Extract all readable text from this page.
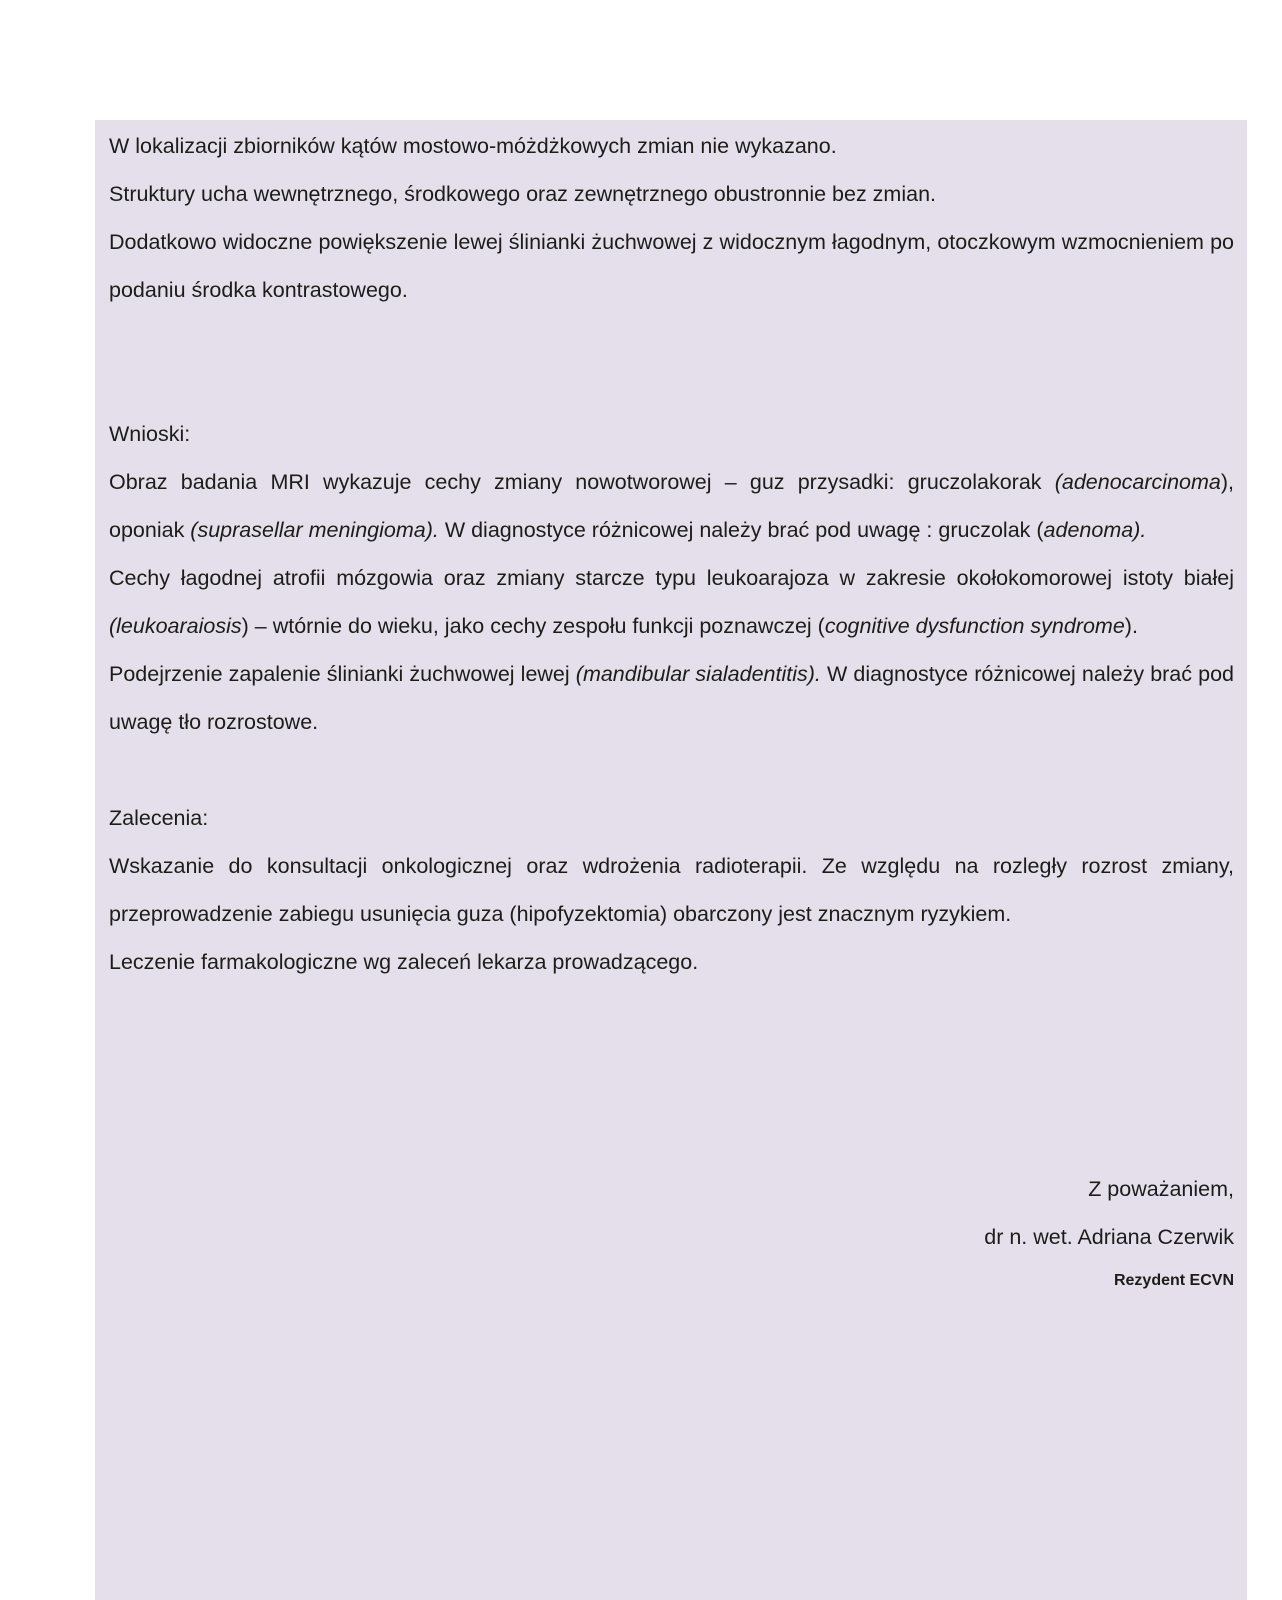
W lokalizacji zbiorników kątów mostowo-móżdżkowych zmian nie wykazano.

Struktury ucha wewnętrznego, środkowego oraz zewnętrznego obustronnie bez zmian.

Dodatkowo widoczne powiększenie lewej ślinianki żuchwowej z widocznym łagodnym, otoczkowym wzmocnieniem po podaniu środka kontrastowego.

Wnioski:

Obraz badania MRI wykazuje cechy zmiany nowotworowej – guz przysadki: gruczolakorak (adenocarcinoma), oponiak (suprasellar meningioma). W diagnostyce różnicowej należy brać pod uwagę : gruczolak (adenoma).

Cechy łagodnej atrofii mózgowia oraz zmiany starcze typu leukoarajoza w zakresie okołokomorowej istoty białej (leukoaraiosis) – wtórnie do wieku, jako cechy zespołu funkcji poznawczej (cognitive dysfunction syndrome).

Podejrzenie zapalenie ślinianki żuchwowej lewej (mandibular sialadentitis). W diagnostyce różnicowej należy brać pod uwagę tło rozrostowe.

Zalecenia:

Wskazanie do konsultacji onkologicznej oraz wdrożenia radioterapii. Ze względu na rozległy rozrost zmiany, przeprowadzenie zabiegu usunięcia guza (hipofyzektomia) obarczony jest znacznym ryzykiem.

Leczenie farmakologiczne wg zaleceń lekarza prowadzącego.

Z poważaniem,
dr n. wet. Adriana Czerwik
Rezydent ECVN
